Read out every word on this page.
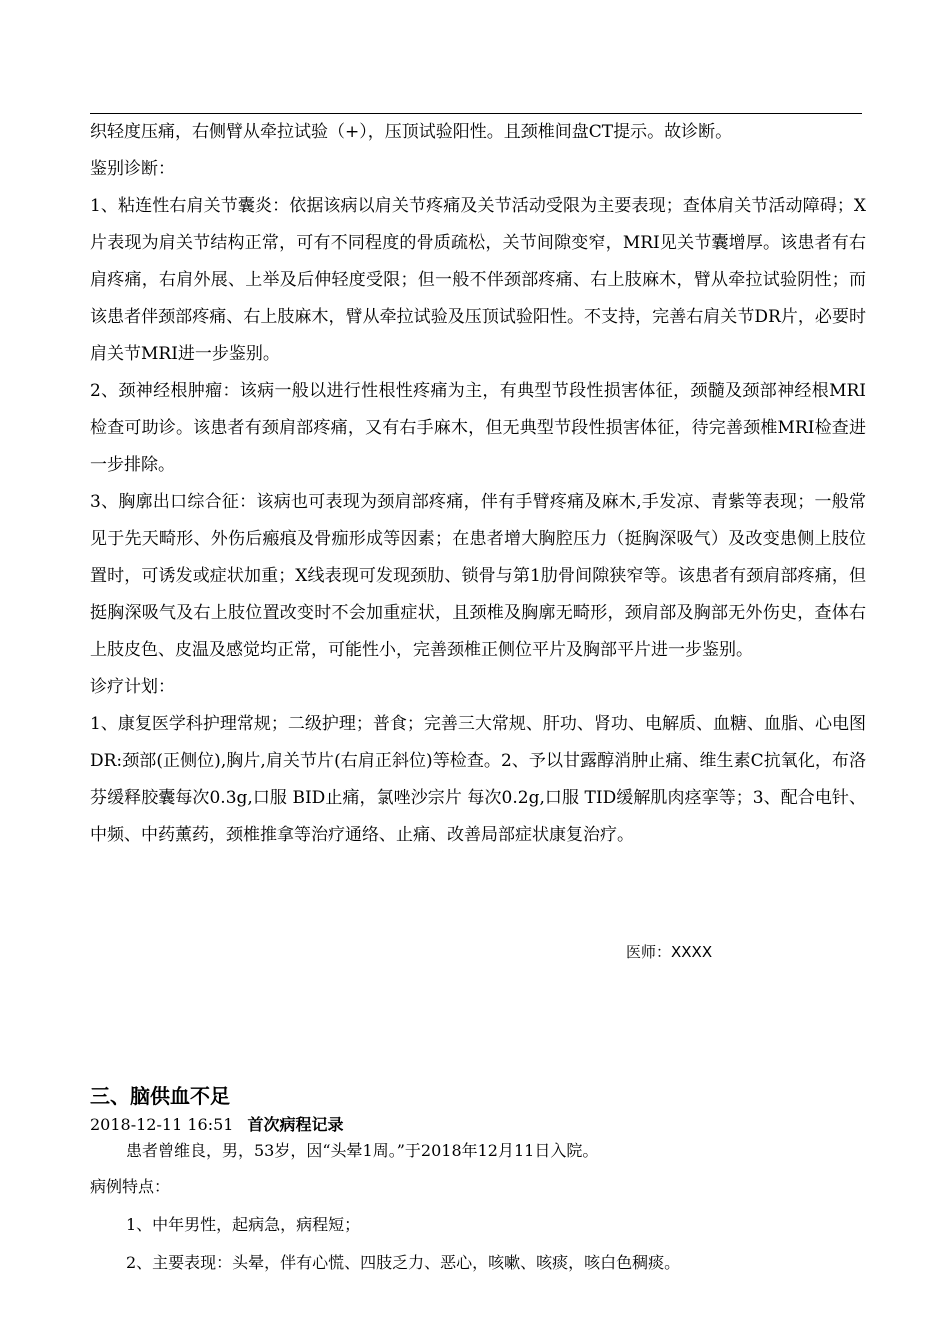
织轻度压痛，右侧臂从牵拉试验（+），压顶试验阳性。且颈椎间盘CT提示。故诊断。

鉴别诊断：

1、粘连性右肩关节囊炎：依据该病以肩关节疼痛及关节活动受限为主要表现；查体肩关节活动障碍；X片表现为肩关节结构正常，可有不同程度的骨质疏松，关节间隙变窄，MRI见关节囊增厚。该患者有右肩疼痛，右肩外展、上举及后伸轻度受限；但一般不伴颈部疼痛、右上肢麻木，臂从牵拉试验阴性；而该患者伴颈部疼痛、右上肢麻木，臂从牵拉试验及压顶试验阳性。不支持，完善右肩关节DR片，必要时肩关节MRI进一步鉴别。

2、颈神经根肿瘤：该病一般以进行性根性疼痛为主，有典型节段性损害体征，颈髓及颈部神经根MRI检查可助诊。该患者有颈肩部疼痛，又有右手麻木，但无典型节段性损害体征，待完善颈椎MRI检查进一步排除。

3、胸廓出口综合征：该病也可表现为颈肩部疼痛，伴有手臂疼痛及麻木,手发凉、青紫等表现；一般常见于先天畸形、外伤后瘢痕及骨痂形成等因素；在患者增大胸腔压力（挺胸深吸气）及改变患侧上肢位置时，可诱发或症状加重；X线表现可发现颈肋、锁骨与第1肋骨间隙狭窄等。该患者有颈肩部疼痛，但挺胸深吸气及右上肢位置改变时不会加重症状，且颈椎及胸廓无畸形，颈肩部及胸部无外伤史，查体右上肢皮色、皮温及感觉均正常，可能性小，完善颈椎正侧位平片及胸部平片进一步鉴别。

诊疗计划：

1、康复医学科护理常规；二级护理；普食；完善三大常规、肝功、肾功、电解质、血糖、血脂、心电图DR:颈部(正侧位),胸片,肩关节片(右肩正斜位)等检查。2、予以甘露醇消肿止痛、维生素C抗氧化，布洛芬缓释胶囊每次0.3g,口服 BID止痛，氯唑沙宗片 每次0.2g,口服 TID缓解肌肉痉挛等；3、配合电针、中频、中药薰药，颈椎推拿等治疗通络、止痛、改善局部症状康复治疗。

医师：XXXX
三、脑供血不足
2018-12-11 16:51 首次病程记录
患者曾维良，男，53岁，因“头晕1周。”于2018年12月11日入院。
病例特点：
1、中年男性，起病急，病程短；
2、主要表现：头晕，伴有心慌、四肢乏力、恶心，咳嗽、咳痰，咳白色稠痰。
